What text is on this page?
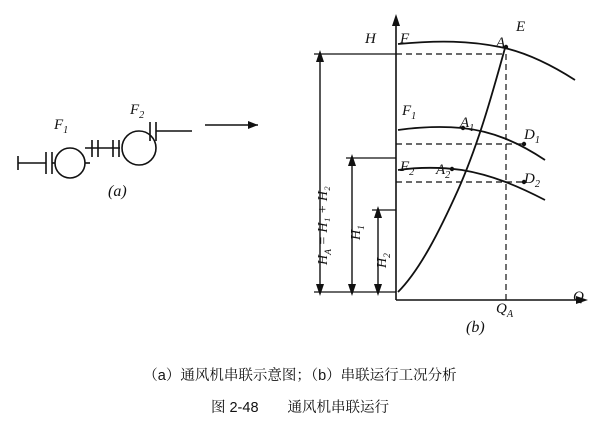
$F_1$
$F_2$
(a)
H
Q
F
$F_1$
$F_2$
E
A
$A_1$
$A_2$
$D_1$
$D_2$
$Q_A$
(b)
$H_A = H_1 + H_2$ $H_1$
$H_2$
（a）通风机串联示意图；（b）串联运行工况分析
图 2-48　　通风机串联运行
